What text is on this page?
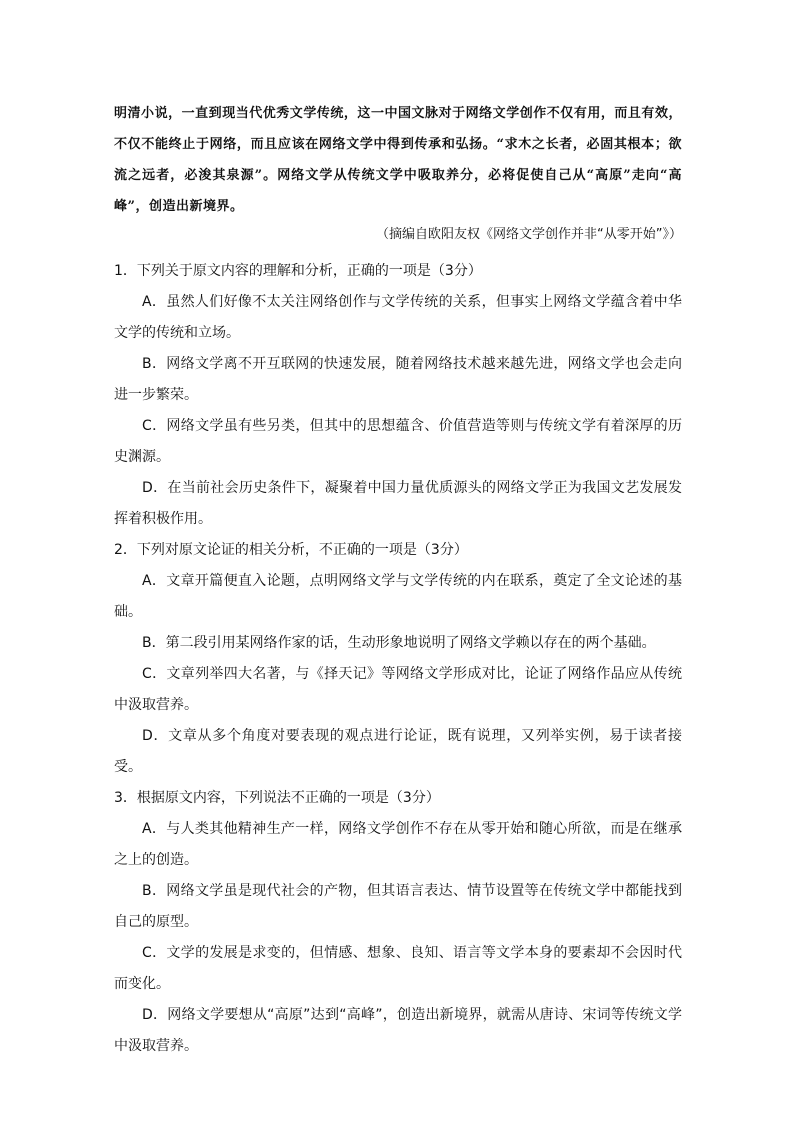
明清小说，一直到现当代优秀文学传统，这一中国文脉对于网络文学创作不仅有用，而且有效，不仅不能终止于网络，而且应该在网络文学中得到传承和弘扬。“求木之长者，必固其根本；欲流之远者，必浚其泉源”。网络文学从传统文学中吸取养分，必将促使自己从“高原”走向“高峰”，创造出新境界。

（摘编自欧阳友权《网络文学创作并非“从零开始”》）

1．下列关于原文内容的理解和分析，正确的一项是（3分）

A．虽然人们好像不太关注网络创作与文学传统的关系，但事实上网络文学蕴含着中华文学的传统和立场。

B．网络文学离不开互联网的快速发展，随着网络技术越来越先进，网络文学也会走向进一步繁荣。

C．网络文学虽有些另类，但其中的思想蕴含、价值营造等则与传统文学有着深厚的历史渊源。

D．在当前社会历史条件下，凝聚着中国力量优质源头的网络文学正为我国文艺发展发挥着积极作用。

2．下列对原文论证的相关分析，不正确的一项是（3分）

A．文章开篇便直入论题，点明网络文学与文学传统的内在联系，奠定了全文论述的基础。

B．第二段引用某网络作家的话，生动形象地说明了网络文学赖以存在的两个基础。

C．文章列举四大名著，与《择天记》等网络文学形成对比，论证了网络作品应从传统中汲取营养。

D．文章从多个角度对要表现的观点进行论证，既有说理，又列举实例，易于读者接受。

3．根据原文内容，下列说法不正确的一项是（3分）

A．与人类其他精神生产一样，网络文学创作不存在从零开始和随心所欲，而是在继承之上的创造。

B．网络文学虽是现代社会的产物，但其语言表达、情节设置等在传统文学中都能找到自己的原型。

C．文学的发展是求变的，但情感、想象、良知、语言等文学本身的要素却不会因时代而变化。

D．网络文学要想从“高原”达到“高峰”，创造出新境界，就需从唐诗、宋词等传统文学中汲取营养。
